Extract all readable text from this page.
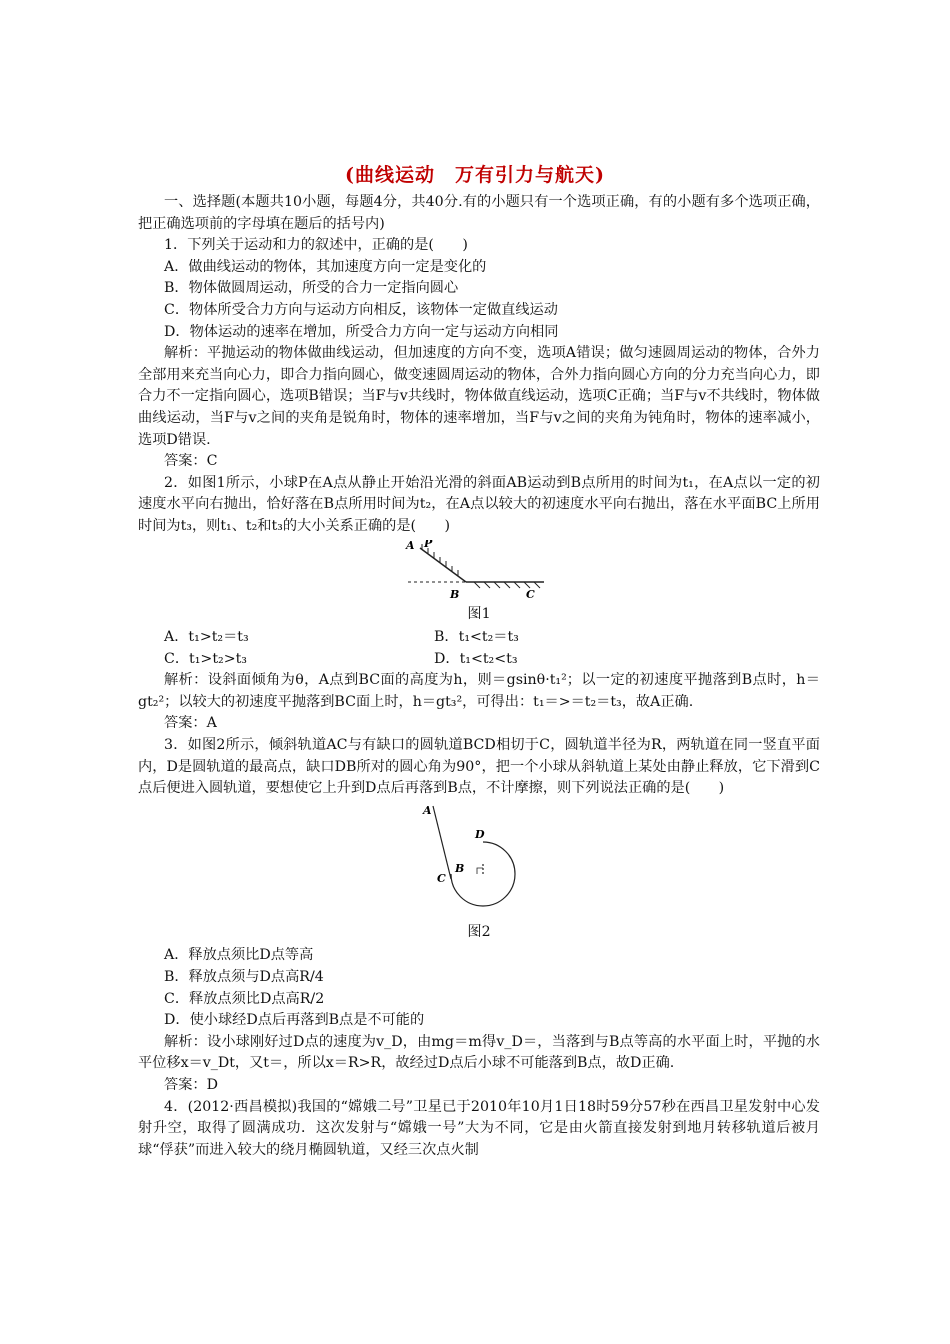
(曲线运动　万有引力与航天)

一、选择题(本题共10小题，每题4分，共40分.有的小题只有一个选项正确，有的小题有多个选项正确，把正确选项前的字母填在题后的括号内)

1．下列关于运动和力的叙述中，正确的是(　　)

A．做曲线运动的物体，其加速度方向一定是变化的

B．物体做圆周运动，所受的合力一定指向圆心

C．物体所受合力方向与运动方向相反，该物体一定做直线运动

D．物体运动的速率在增加，所受合力方向一定与运动方向相同

解析：平抛运动的物体做曲线运动，但加速度的方向不变，选项A错误；做匀速圆周运动的物体，合外力全部用来充当向心力，即合力指向圆心，做变速圆周运动的物体，合外力指向圆心方向的分力充当向心力，即合力不一定指向圆心，选项B错误；当F与v共线时，物体做直线运动，选项C正确；当F与v不共线时，物体做曲线运动，当F与v之间的夹角是锐角时，物体的速率增加，当F与v之间的夹角为钝角时，物体的速率减小，选项D错误.

答案：C

2．如图1所示，小球P在A点从静止开始沿光滑的斜面AB运动到B点所用的时间为t₁，在A点以一定的初速度水平向右抛出，恰好落在B点所用时间为t₂，在A点以较大的初速度水平向右抛出，落在水平面BC上所用时间为t₃，则t₁、t₂和t₃的大小关系正确的是(　　)

A P
B	C
图1
A．t₁>t₂＝t₃	B．t₁<t₂＝t₃
C．t₁>t₂>t₃	D．t₁<t₂<t₃

解析：设斜面倾角为θ，A点到BC面的高度为h，则＝gsinθ·t₁²；以一定的初速度平抛落到B点时，h＝gt₂²；以较大的初速度平抛落到BC面上时，h＝gt₃²，可得出：t₁＝>＝t₂＝t₃，故A正确.

答案：A

3．如图2所示，倾斜轨道AC与有缺口的圆轨道BCD相切于C，圆轨道半径为R，两轨道在同一竖直平面内，D是圆轨道的最高点，缺口DB所对的圆心角为90°，把一个小球从斜轨道上某处由静止释放，它下滑到C点后便进入圆轨道，要想使它上升到D点后再落到B点，不计摩擦，则下列说法正确的是(　　)

A
D
B
C
图2

A．释放点须比D点等高

B．释放点须与D点高R/4

C．释放点须比D点高R/2

D．使小球经D点后再落到B点是不可能的

解析：设小球刚好过D点的速度为v_D，由mg＝m得v_D＝，当落到与B点等高的水平面上时，平抛的水平位移x＝v_Dt，又t＝，所以x＝R>R，故经过D点后小球不可能落到B点，故D正确.

答案：D

4．(2012·西昌模拟)我国的“嫦娥二号”卫星已于2010年10月1日18时59分57秒在西昌卫星发射中心发射升空，取得了圆满成功．这次发射与“嫦娥一号”大为不同，它是由火箭直接发射到地月转移轨道后被月球“俘获”而进入较大的绕月椭圆轨道，又经三次点火制
